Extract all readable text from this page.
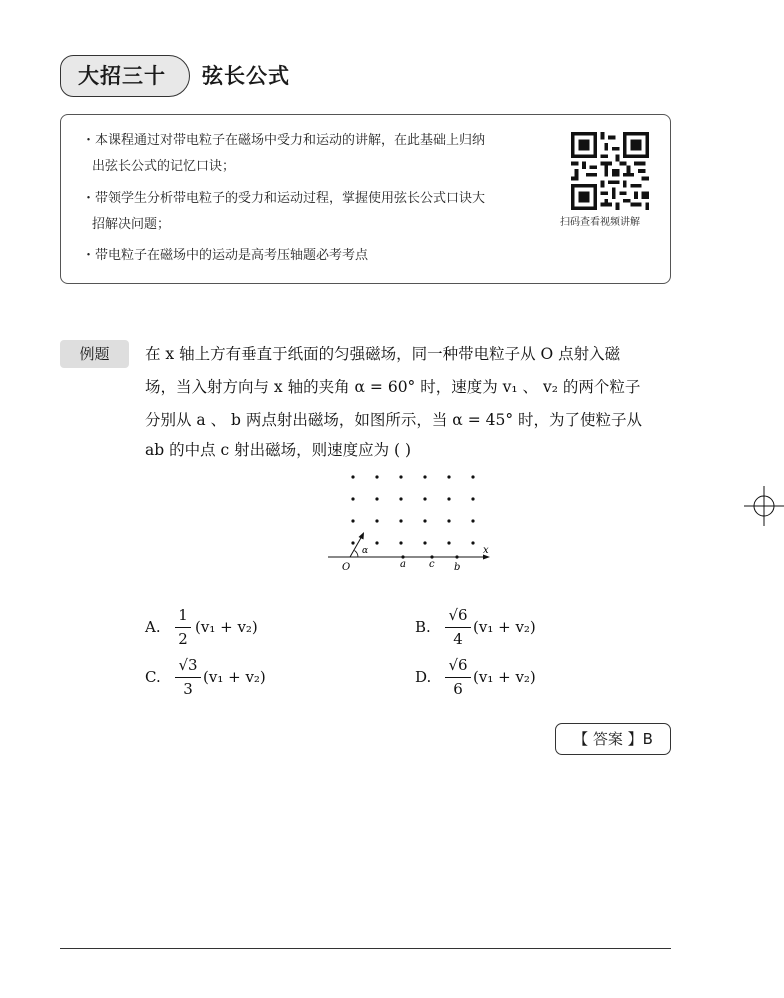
大招三十 弦长公式
・本课程通过对带电粒子在磁场中受力和运动的讲解，在此基础上归纳
出弦长公式的记忆口诀；
・带领学生分析带电粒子的受力和运动过程，掌握使用弦长公式口诀大
招解决问题；
・带电粒子在磁场中的运动是高考压轴题必考考点
扫码查看视频讲解
例题	在 x 轴上方有垂直于纸面的匀强磁场，同一种带电粒子从 O 点射入磁
场，当入射方向与 x 轴的夹角 α = 60° 时，速度为 v₁ 、 v₂ 的两个粒子
分别从 a 、 b 两点射出磁场，如图所示，当 α = 45° 时，为了使粒子从
ab 的中点 c 射出磁场，则速度应为 ( )
α
O	a c b
x
A.
1
2
(v₁ + v₂)	B.
√6
4
(v₁ + v₂)
C.
√3
3
(v₁ + v₂)	D.
√6
6
(v₁ + v₂)
【 答案 】B
